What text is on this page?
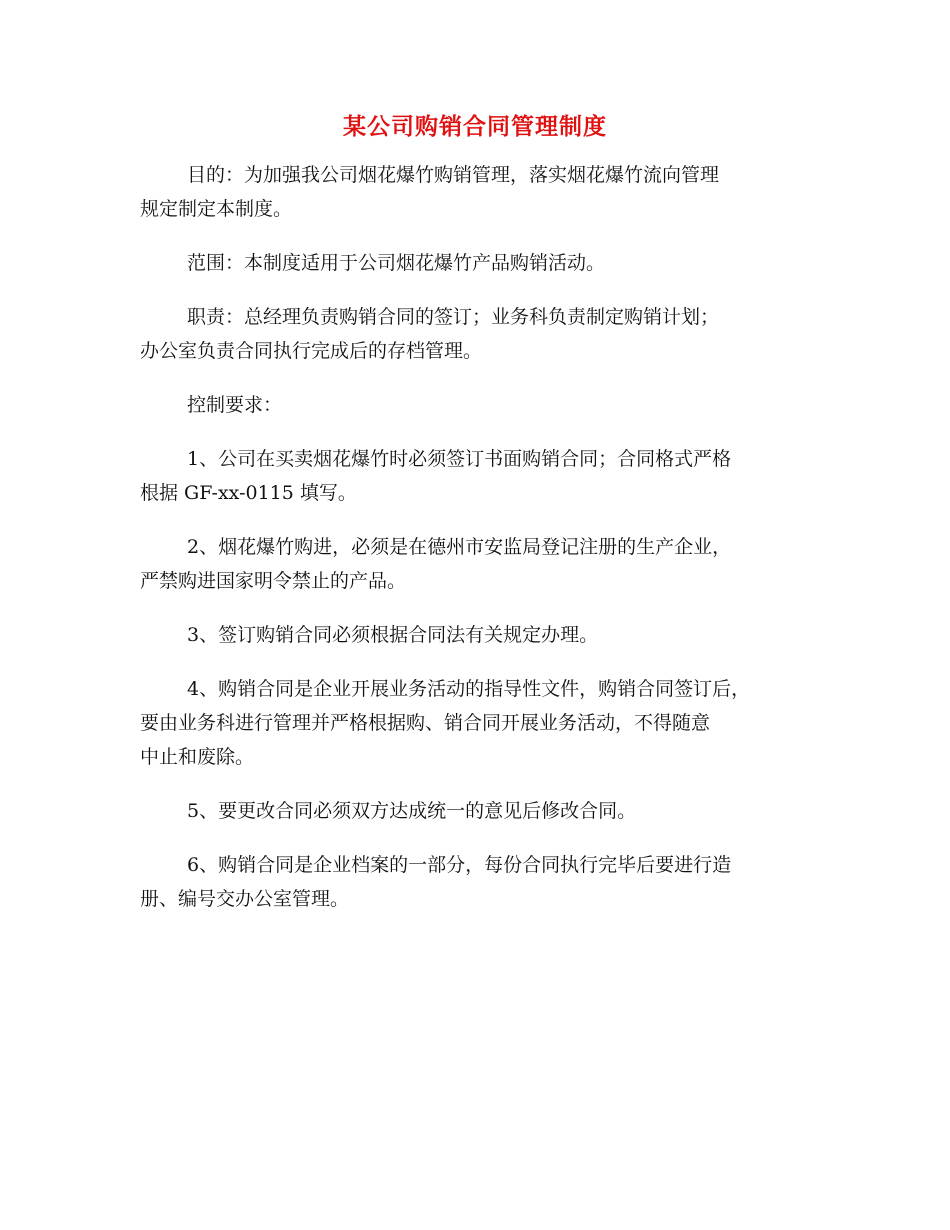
某公司购销合同管理制度

目的：为加强我公司烟花爆竹购销管理，落实烟花爆竹流向管理
规定制定本制度。

范围：本制度适用于公司烟花爆竹产品购销活动。

职责：总经理负责购销合同的签订；业务科负责制定购销计划；
办公室负责合同执行完成后的存档管理。

控制要求：

1、公司在买卖烟花爆竹时必须签订书面购销合同；合同格式严格
根据 GF-xx-0115 填写。

2、烟花爆竹购进，必须是在德州市安监局登记注册的生产企业，
严禁购进国家明令禁止的产品。

3、签订购销合同必须根据合同法有关规定办理。

4、购销合同是企业开展业务活动的指导性文件，购销合同签订后，
要由业务科进行管理并严格根据购、销合同开展业务活动，不得随意
中止和废除。

5、要更改合同必须双方达成统一的意见后修改合同。

6、购销合同是企业档案的一部分，每份合同执行完毕后要进行造
册、编号交办公室管理。
